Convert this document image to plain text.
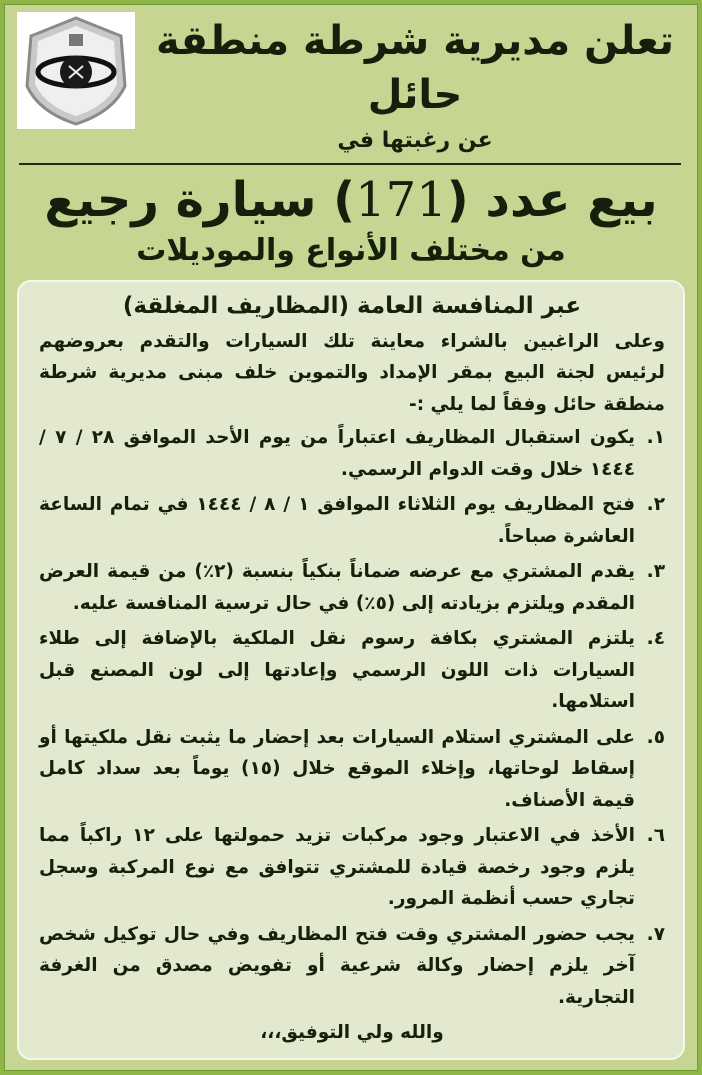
تعلن مديرية شرطة منطقة حائل
عن رغبتها في
بيع عدد (171) سيارة رجيع
من مختلف الأنواع والموديلات
عبر المنافسة العامة (المظاريف المغلقة)
وعلى الراغبين بالشراء معاينة تلك السيارات والتقدم بعروضهم لرئيس لجنة البيع بمقر الإمداد والتموين خلف مبنى مديرية شرطة منطقة حائل وفقاً لما يلي :-
١.
يكون استقبال المظاريف اعتباراً من يوم الأحد الموافق ٢٨ / ٧ / ١٤٤٤ خلال وقت الدوام الرسمي.
٢.
فتح المظاريف يوم الثلاثاء الموافق ١ / ٨ / ١٤٤٤ في تمام الساعة العاشرة صباحاً.
٣.
يقدم المشتري مع عرضه ضماناً بنكياً بنسبة (٢٪) من قيمة العرض المقدم ويلتزم بزيادته إلى (٥٪) في حال ترسية المنافسة عليه.
٤.
يلتزم المشتري بكافة رسوم نقل الملكية بالإضافة إلى طلاء السيارات ذات اللون الرسمي وإعادتها إلى لون المصنع قبل استلامها.
٥.
على المشتري استلام السيارات بعد إحضار ما يثبت نقل ملكيتها أو إسقاط لوحاتها، وإخلاء الموقع خلال (١٥) يوماً بعد سداد كامل قيمة الأصناف.
٦.
الأخذ في الاعتبار وجود مركبات تزيد حمولتها على ١٢ راكباً مما يلزم وجود رخصة قيادة للمشتري تتوافق مع نوع المركبة وسجل تجاري حسب أنظمة المرور.
٧.
يجب حضور المشتري وقت فتح المظاريف وفي حال توكيل شخص آخر يلزم إحضار وكالة شرعية أو تفويض مصدق من الغرفة التجارية.
والله ولي التوفيق،،،
